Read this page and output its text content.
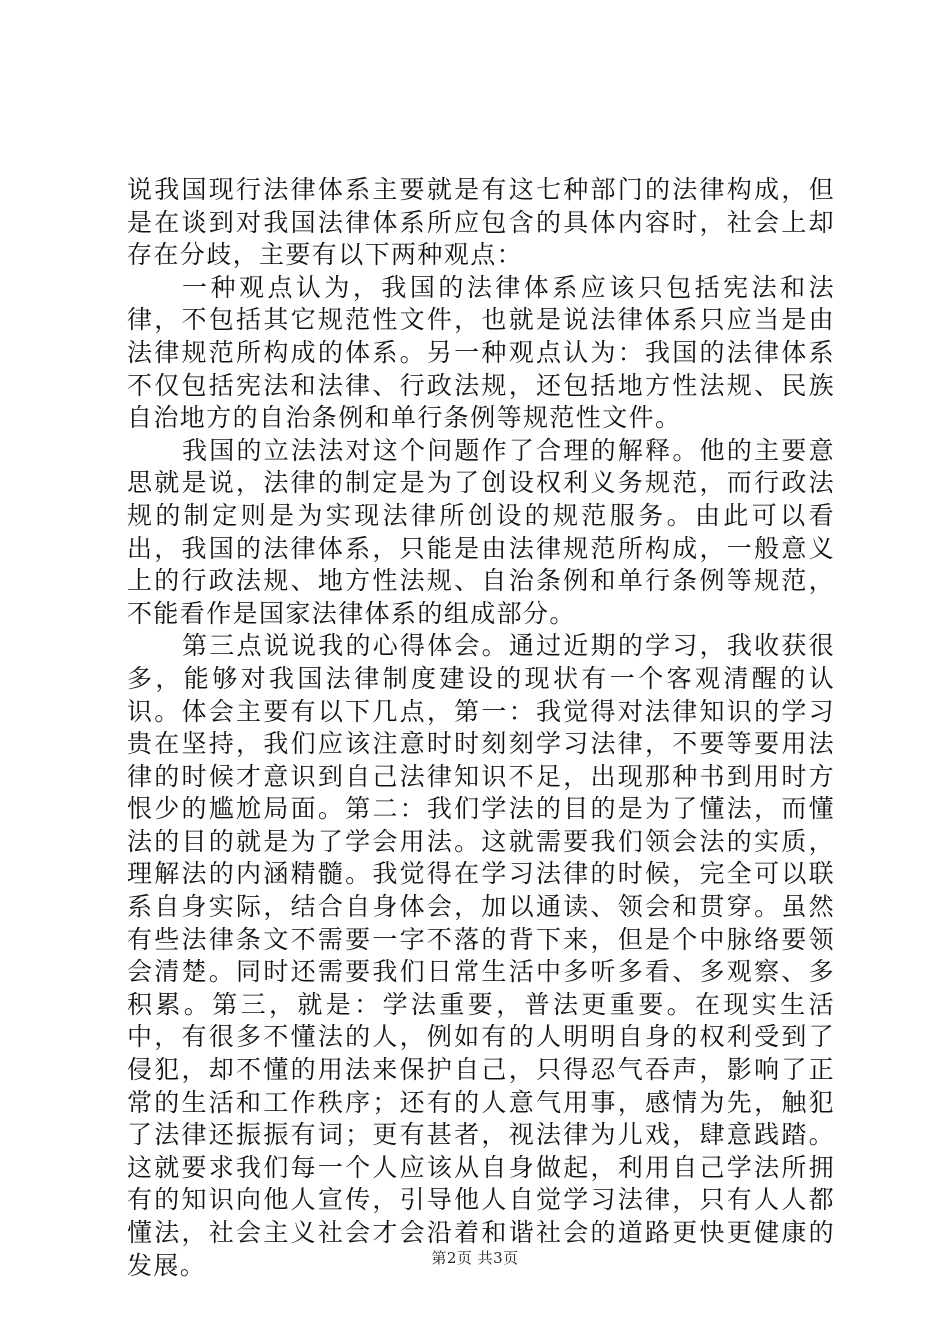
说我国现行法律体系主要就是有这七种部门的法律构成，但是在谈到对我国法律体系所应包含的具体内容时，社会上却存在分歧，主要有以下两种观点：

一种观点认为，我国的法律体系应该只包括宪法和法律，不包括其它规范性文件，也就是说法律体系只应当是由法律规范所构成的体系。另一种观点认为：我国的法律体系不仅包括宪法和法律、行政法规，还包括地方性法规、民族自治地方的自治条例和单行条例等规范性文件。

我国的立法法对这个问题作了合理的解释。他的主要意思就是说，法律的制定是为了创设权利义务规范，而行政法规的制定则是为实现法律所创设的规范服务。由此可以看出，我国的法律体系，只能是由法律规范所构成，一般意义上的行政法规、地方性法规、自治条例和单行条例等规范，不能看作是国家法律体系的组成部分。

第三点说说我的心得体会。通过近期的学习，我收获很多，能够对我国法律制度建设的现状有一个客观清醒的认识。体会主要有以下几点，第一：我觉得对法律知识的学习贵在坚持，我们应该注意时时刻刻学习法律，不要等要用法律的时候才意识到自己法律知识不足，出现那种书到用时方恨少的尴尬局面。第二：我们学法的目的是为了懂法，而懂法的目的就是为了学会用法。这就需要我们领会法的实质，理解法的内涵精髓。我觉得在学习法律的时候，完全可以联系自身实际，结合自身体会，加以通读、领会和贯穿。虽然有些法律条文不需要一字不落的背下来，但是个中脉络要领会清楚。同时还需要我们日常生活中多听多看、多观察、多积累。第三，就是：学法重要，普法更重要。在现实生活中，有很多不懂法的人，例如有的人明明自身的权利受到了侵犯，却不懂的用法来保护自己，只得忍气吞声，影响了正常的生活和工作秩序；还有的人意气用事，感情为先，触犯了法律还振振有词；更有甚者，视法律为儿戏，肆意践踏。这就要求我们每一个人应该从自身做起，利用自己学法所拥有的知识向他人宣传，引导他人自觉学习法律，只有人人都懂法，社会主义社会才会沿着和谐社会的道路更快更健康的发展。	第2页 共3页
